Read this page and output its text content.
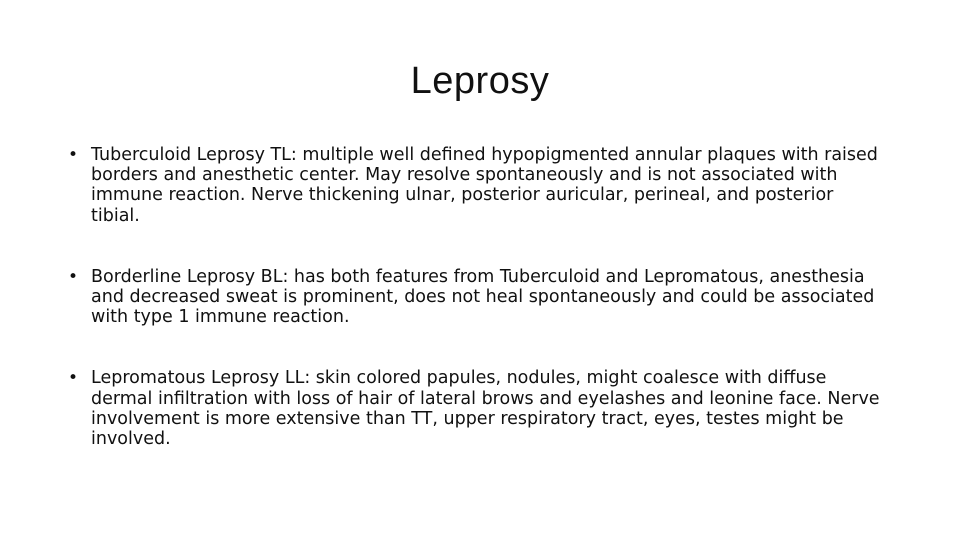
Leprosy
• Tuberculoid Leprosy TL: multiple well defined hypopigmented annular plaques with raised borders and anesthetic center. May resolve spontaneously and is not associated with immune reaction. Nerve thickening ulnar, posterior auricular, perineal, and posterior tibial.
• Borderline Leprosy BL: has both features from Tuberculoid and Lepromatous, anesthesia and decreased sweat is prominent, does not heal spontaneously and could be associated with type 1 immune reaction.
• Lepromatous Leprosy LL: skin colored papules, nodules, might coalesce with diffuse dermal infiltration with loss of hair of lateral brows and eyelashes and leonine face. Nerve involvement is more extensive than TT, upper respiratory tract, eyes, testes might be involved.
